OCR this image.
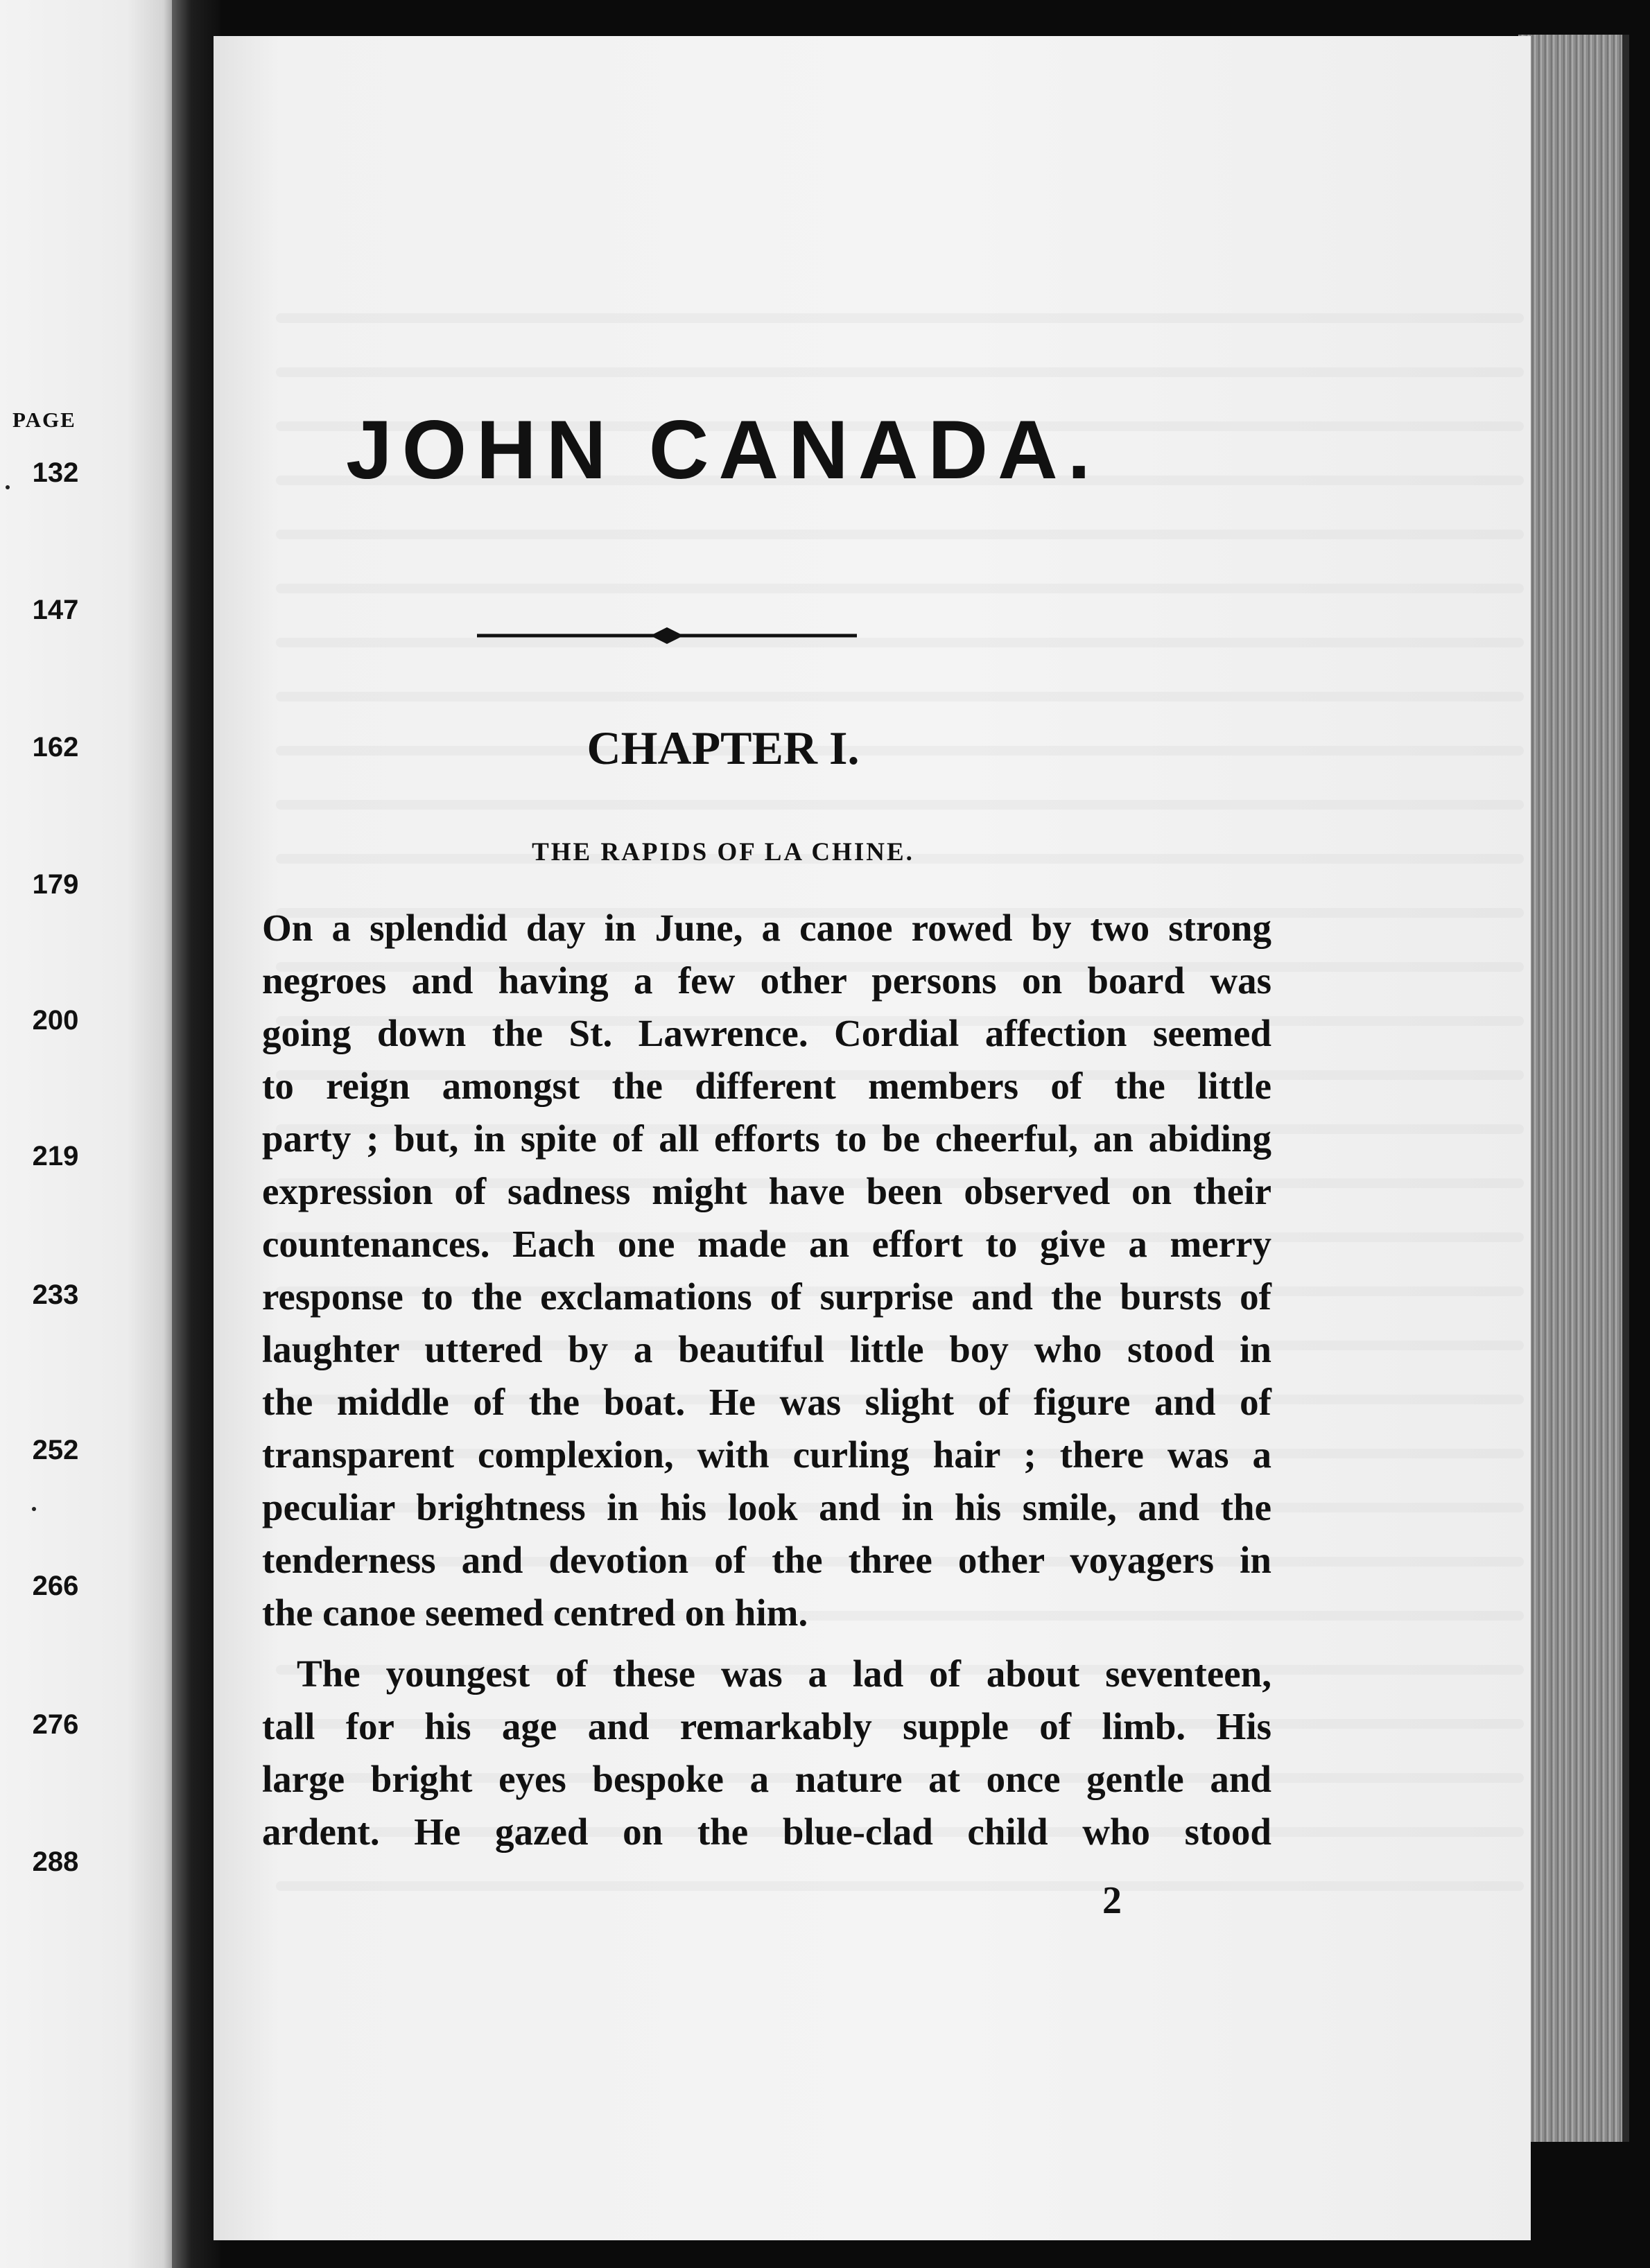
PAGE
132
147
162
179
200
219
233
252
266
276
288
JOHN CANADA.
CHAPTER I.
THE RAPIDS OF LA CHINE.
On a splendid day in June, a canoe rowed by two strong
negroes and having a few other persons on board was
going down the St. Lawrence. Cordial affection seemed
to reign amongst the different members of the little
party ; but, in spite of all efforts to be cheerful, an abiding
expression of sadness might have been observed on their
countenances. Each one made an effort to give a merry
response to the exclamations of surprise and the bursts of
laughter uttered by a beautiful little boy who stood in
the middle of the boat. He was slight of figure and of
transparent complexion, with curling hair ; there was a
peculiar brightness in his look and in his smile, and the
tenderness and devotion of the three other voyagers in
the canoe seemed centred on him.
The youngest of these was a lad of about seventeen,
tall for his age and remarkably supple of limb. His
large bright eyes bespoke a nature at once gentle and
ardent. He gazed on the blue-clad child who stood
2
